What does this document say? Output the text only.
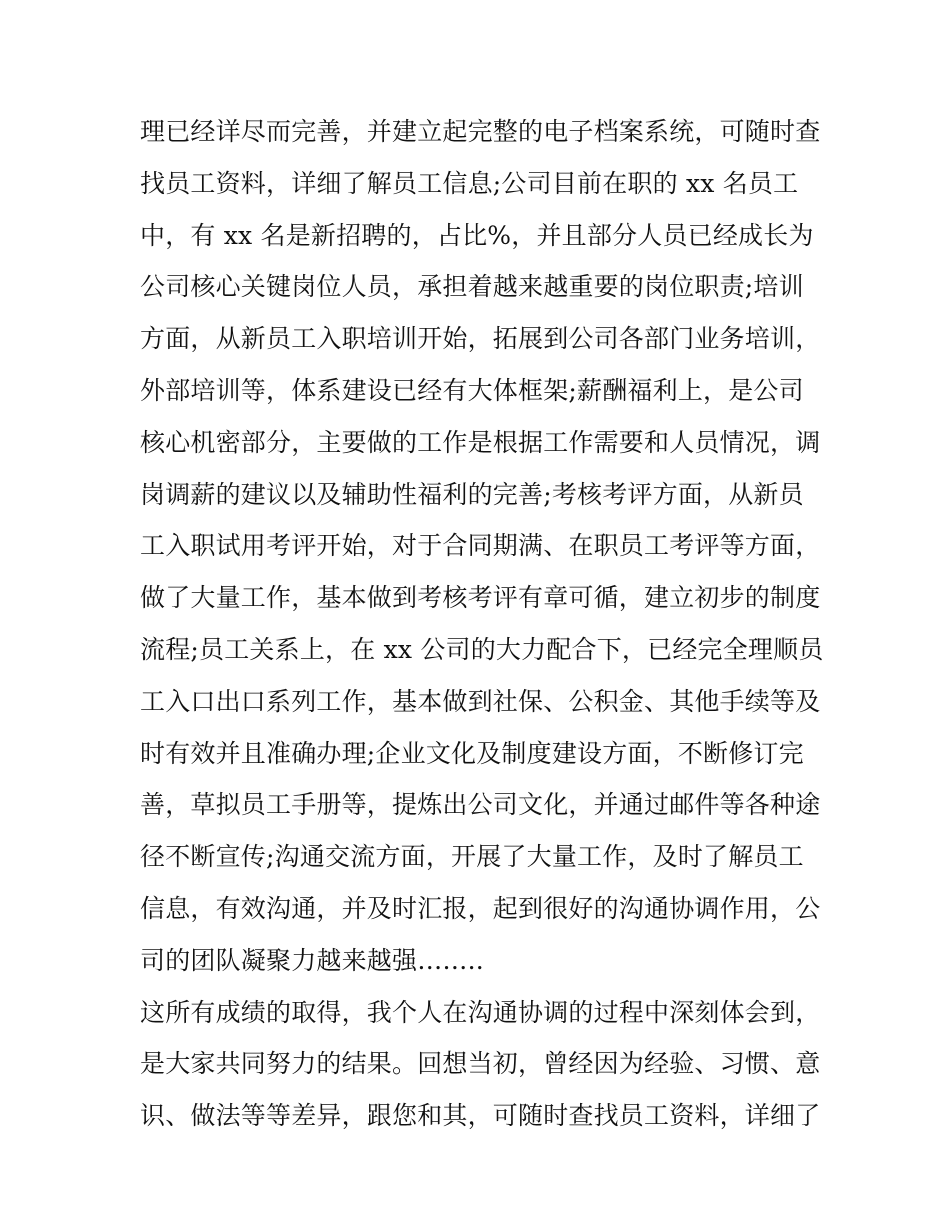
理已经详尽而完善，并建立起完整的电子档案系统，可随时查
找员工资料，详细了解员工信息;公司目前在职的 xx 名员工
中，有 xx 名是新招聘的，占比%，并且部分人员已经成长为
公司核心关键岗位人员，承担着越来越重要的岗位职责;培训
方面，从新员工入职培训开始，拓展到公司各部门业务培训，
外部培训等，体系建设已经有大体框架;薪酬福利上，是公司
核心机密部分，主要做的工作是根据工作需要和人员情况，调
岗调薪的建议以及辅助性福利的完善;考核考评方面，从新员
工入职试用考评开始，对于合同期满、在职员工考评等方面，
做了大量工作，基本做到考核考评有章可循，建立初步的制度
流程;员工关系上，在 xx 公司的大力配合下，已经完全理顺员
工入口出口系列工作，基本做到社保、公积金、其他手续等及
时有效并且准确办理;企业文化及制度建设方面，不断修订完
善，草拟员工手册等，提炼出公司文化，并通过邮件等各种途
径不断宣传;沟通交流方面，开展了大量工作，及时了解员工
信息，有效沟通，并及时汇报，起到很好的沟通协调作用，公
司的团队凝聚力越来越强……..
这所有成绩的取得，我个人在沟通协调的过程中深刻体会到，
是大家共同努力的结果。回想当初，曾经因为经验、习惯、意
识、做法等等差异，跟您和其，可随时查找员工资料，详细了
